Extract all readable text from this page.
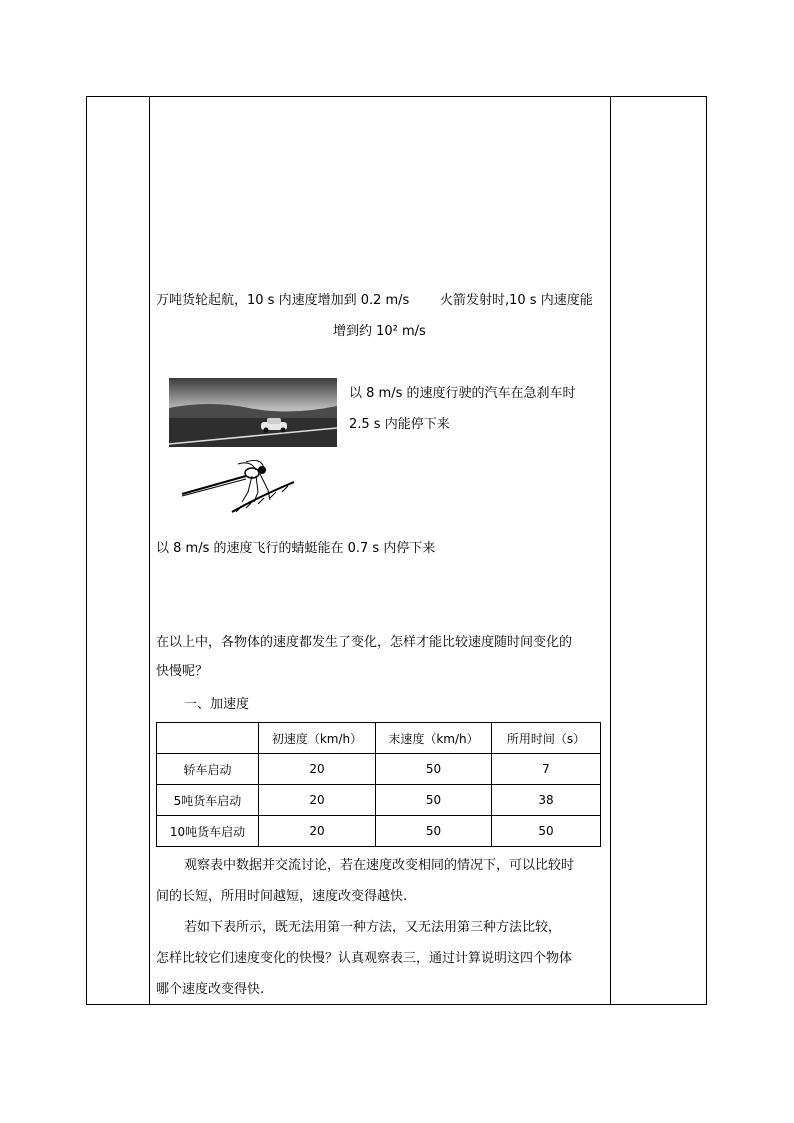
万吨货轮起航，10 s 内速度增加到 0.2 m/s 火箭发射时,10 s 内速度能
增到约 10² m/s
以 8 m/s 的速度行驶的汽车在急刹车时
2.5 s 内能停下来
以 8 m/s 的速度飞行的蜻蜓能在 0.7 s 内停下来
在以上中，各物体的速度都发生了变化，怎样才能比较速度随时间变化的
快慢呢？
一、加速度
	初速度（km/h）	末速度（km/h）	所用时间（s）
轿车启动	20	50	7
5吨货车启动	20	50	38
10吨货车启动	20	50	50
观察表中数据并交流讨论，若在速度改变相同的情况下，可以比较时
间的长短，所用时间越短，速度改变得越快.
若如下表所示，既无法用第一种方法，又无法用第三种方法比较，
怎样比较它们速度变化的快慢？认真观察表三，通过计算说明这四个物体
哪个速度改变得快.
